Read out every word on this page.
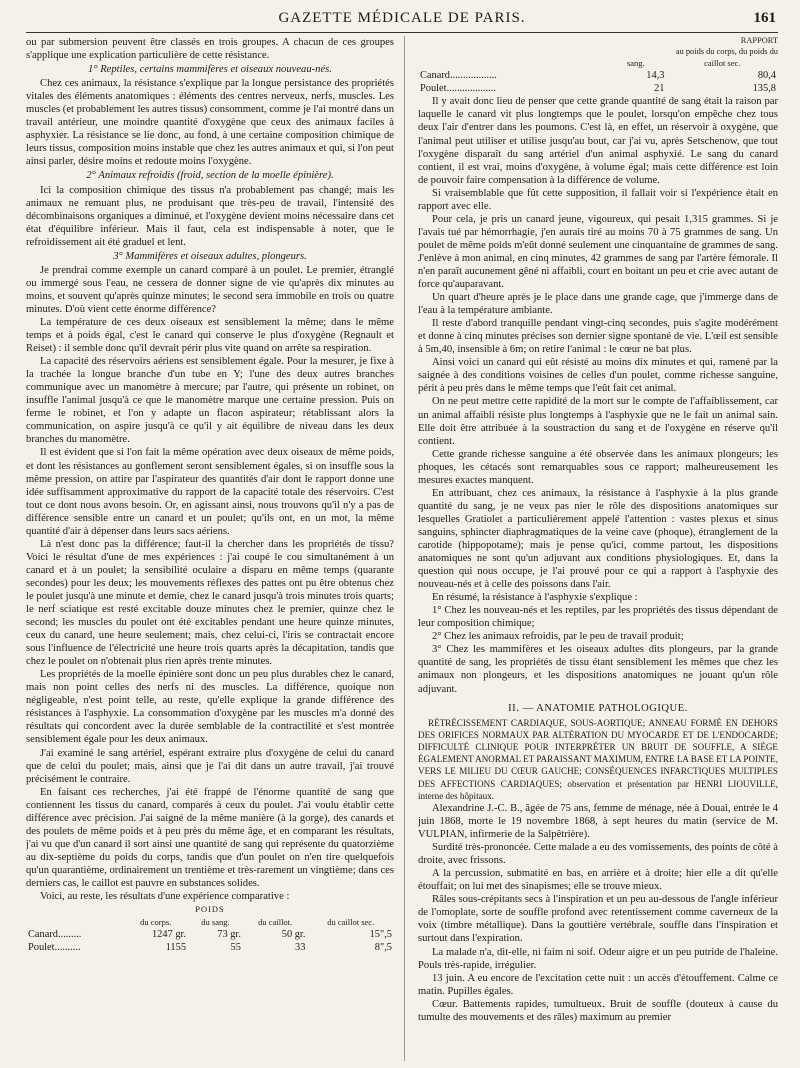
GAZETTE MÉDICALE DE PARIS.	161

ou par submersion peuvent être classés en trois groupes. A chacun de ces groupes s'applique une explication particulière de cette résistance.

1° Reptiles, certains mammifères et oiseaux nouveau-nés.

Chez ces animaux, la résistance s'explique par la longue persistance des propriétés vitales des éléments anatomiques : éléments des centres nerveux, nerfs, muscles. Les muscles (et probablement les autres tissus) consomment, comme je l'ai montré dans un travail antérieur, une moindre quantité d'oxygène que ceux des animaux faciles à asphyxier. La résistance se lie donc, au fond, à une certaine composition chimique de leurs tissus, composition moins instable que chez les autres animaux et qui, si l'on peut ainsi parler, désire moins et redoute moins l'oxygène.

2° Animaux refroidis (froid, section de la moelle épinière).

Ici la composition chimique des tissus n'a probablement pas changé; mais les animaux ne remuant plus, ne produisant que très-peu de travail, l'intensité des décombinaisons organiques a diminué, et l'oxygène devient moins nécessaire dans cet état d'équilibre inférieur. Mais il faut, cela est indispensable à noter, que le refroidissement ait été graduel et lent.

3° Mammifères et oiseaux adultes, plongeurs.

Je prendrai comme exemple un canard comparé à un poulet. Le premier, étranglé ou immergé sous l'eau, ne cessera de donner signe de vie qu'après dix minutes au moins, et souvent qu'après quinze minutes; le second sera immobile en trois ou quatre minutes. D'où vient cette énorme différence?

La température de ces deux oiseaux est sensiblement la même; dans le même temps et à poids égal, c'est le canard qui conserve le plus d'oxygène (Regnault et Reiset) : il semble donc qu'il devrait périr plus vite quand on arrête sa respiration.

La capacité des réservoirs aériens est sensiblement égale. Pour la mesurer, je fixe à la trachée la longue branche d'un tube en Y; l'une des deux autres branches communique avec un manomètre à mercure; par l'autre, qui présente un robinet, on insuffle l'animal jusqu'à ce que le manomètre marque une certaine pression. Puis on ferme le robinet, et l'on y adapte un flacon aspirateur; rétablissant alors la communication, on aspire jusqu'à ce qu'il y ait équilibre de niveau dans les deux branches du manomètre.

Il est évident que si l'on fait la même opération avec deux oiseaux de même poids, et dont les résistances au gonflement seront sensiblement égales, si on insuffle sous la même pression, on attire par l'aspirateur des quantités d'air dont le rapport donne une idée suffisamment approximative du rapport de la capacité totale des réservoirs. C'est tout ce dont nous avons besoin. Or, en agissant ainsi, nous trouvons qu'il n'y a pas de différence sensible entre un canard et un poulet; qu'ils ont, en un mot, la même quantité d'air à dépenser dans leurs sacs aériens.

Là n'est donc pas la différence; faut-il la chercher dans les propriétés de tissu? Voici le résultat d'une de mes expériences : j'ai coupé le cou simultanément à un canard et à un poulet; la sensibilité oculaire a disparu en même temps (quarante secondes) pour les deux; les mouvements réflexes des pattes ont pu être obtenus chez le poulet jusqu'à une minute et demie, chez le canard jusqu'à trois minutes trois quarts; le nerf sciatique est resté excitable douze minutes chez le premier, quinze chez le second; les muscles du poulet ont été excitables pendant une heure quinze minutes, ceux du canard, une heure seulement; mais, chez celui-ci, l'iris se contractait encore sous l'influence de l'électricité une heure trois quarts après la décapitation, tandis que chez le poulet on n'obtenait plus rien après trente minutes.

Les propriétés de la moelle épinière sont donc un peu plus durables chez le canard, mais non point celles des nerfs ni des muscles. La différence, quoique non négligeable, n'est point telle, au reste, qu'elle explique la grande différence des résistances à l'asphyxie. La consommation d'oxygène par les muscles m'a donné des résultats qui concordent avec la durée semblable de la contractilité et s'est montrée sensiblement égale pour les deux animaux.

J'ai examiné le sang artériel, espérant extraire plus d'oxygène de celui du canard que de celui du poulet; mais, ainsi que je l'ai dit dans un autre travail, j'ai trouvé précisément le contraire.

En faisant ces recherches, j'ai été frappé de l'énorme quantité de sang que contiennent les tissus du canard, comparés à ceux du poulet. J'ai voulu établir cette différence avec précision. J'ai saigné de la même manière (à la gorge), des canards et des poulets de même poids et à peu près du même âge, et en comparant les résultats, j'ai vu que d'un canard il sort ainsi une quantité de sang qui représente du quatorzième au dix-septième du poids du corps, tandis que d'un poulet on n'en tire quelquefois qu'un quarantième, ordinairement un trentième et très-rarement un vingtième; dans ces derniers cas, le caillot est pauvre en substances solides.

Voici, au reste, les résultats d'une expérience comparative :

POIDS
	du corps.	du sang.	du caillot.	du caillot sec.
Canard.........	1247 gr.	73 gr.	50 gr.	15",5
Poulet..........	1155	55	33	8",5
RAPPORT
au poids du corps, du poids du
	sang.	caillot sec.
Canard..................	14,3	80,4
Poulet...................	21	135,8

Il y avait donc lieu de penser que cette grande quantité de sang était la raison par laquelle le canard vit plus longtemps que le poulet, lorsqu'on empêche chez tous deux l'air d'entrer dans les poumons. C'est là, en effet, un réservoir à oxygène, que l'animal peut utiliser et utilise jusqu'au bout, car j'ai vu, après Setschenow, que tout l'oxygène disparaît du sang artériel d'un animal asphyxié. Le sang du canard contient, il est vrai, moins d'oxygène, à volume égal; mais cette différence est loin de pouvoir faire compensation à la différence de volume.

Si vraisemblable que fût cette supposition, il fallait voir si l'expérience était en rapport avec elle.

Pour cela, je pris un canard jeune, vigoureux, qui pesait 1,315 grammes. Si je l'avais tué par hémorrhagie, j'en aurais tiré au moins 70 à 75 grammes de sang. Un poulet de même poids m'eût donné seulement une cinquantaine de grammes de sang. J'enlève à mon animal, en cinq minutes, 42 grammes de sang par l'artère fémorale. Il n'en paraît aucunement gêné ni affaibli, court en boitant un peu et crie avec autant de force qu'auparavant.

Un quart d'heure après je le place dans une grande cage, que j'immerge dans de l'eau à la température ambiante.

Il reste d'abord tranquille pendant vingt-cinq secondes, puis s'agite modérément et donne à cinq minutes précises son dernier signe spontané de vie. L'œil est sensible à 5m,40, insensible à 6m; on retire l'animal : le cœur ne bat plus.

Ainsi voici un canard qui eût résisté au moins dix minutes et qui, ramené par la saignée à des conditions voisines de celles d'un poulet, comme richesse sanguine, périt à peu près dans le même temps que l'eût fait cet animal.

On ne peut mettre cette rapidité de la mort sur le compte de l'affaiblissement, car un animal affaibli résiste plus longtemps à l'asphyxie que ne le fait un animal sain. Elle doit être attribuée à la soustraction du sang et de l'oxygène en réserve qu'il contient.

Cette grande richesse sanguine a été observée dans les animaux plongeurs; les phoques, les cétacés sont remarquables sous ce rapport; malheureusement les mesures exactes manquent.

En attribuant, chez ces animaux, la résistance à l'asphyxie à la plus grande quantité du sang, je ne veux pas nier le rôle des dispositions anatomiques sur lesquelles Gratiolet a particulièrement appelé l'attention : vastes plexus et sinus sanguins, sphincter diaphragmatiques de la veine cave (phoque), étranglement de la carotide (hippopotame); mais je pense qu'ici, comme partout, les dispositions anatomiques ne sont qu'un adjuvant aux conditions physiologiques. Et, dans la question qui nous occupe, je l'ai prouvé pour ce qui a rapport à l'asphyxie des nouveau-nés et à celle des poissons dans l'air.

En résumé, la résistance à l'asphyxie s'explique :

1° Chez les nouveau-nés et les reptiles, par les propriétés des tissus dépendant de leur composition chimique;

2° Chez les animaux refroidis, par le peu de travail produit;

3° Chez les mammifères et les oiseaux adultes dits plongeurs, par la grande quantité de sang, les propriétés de tissu étant sensiblement les mêmes que chez les animaux non plongeurs, et les dispositions anatomiques ne jouant qu'un rôle adjuvant.

II. — ANATOMIE PATHOLOGIQUE.

RÉTRÉCISSEMENT CARDIAQUE, SOUS-AORTIQUE; ANNEAU FORMÉ EN DEHORS DES ORIFICES NORMAUX PAR ALTÉRATION DU MYOCARDE ET DE L'ENDOCARDE; DIFFICULTÉ CLINIQUE POUR INTERPRÉTER UN BRUIT DE SOUFFLE, A SIÉGE ÉGALEMENT ANORMAL ET PARAISSANT MAXIMUM, ENTRE LA BASE ET LA POINTE, VERS LE MILIEU DU CŒUR GAUCHE; CONSÉQUENCES INFARCTIQUES MULTIPLES DES AFFECTIONS CARDIAQUES; observation et présentation par HENRI LIOUVILLE, interne des hôpitaux.

Alexandrine J.-C. B., âgée de 75 ans, femme de ménage, née à Douai, entrée le 4 juin 1868, morte le 19 novembre 1868, à sept heures du matin (service de M. VULPIAN, infirmerie de la Salpêtrière).

Surdité très-prononcée. Cette malade a eu des vomissements, des points de côté à droite, avec frissons.

A la percussion, submatité en bas, en arrière et à droite; hier elle a dit qu'elle étouffait; on lui met des sinapismes; elle se trouve mieux.

Râles sous-crépitants secs à l'inspiration et un peu au-dessous de l'angle inférieur de l'omoplate, sorte de souffle profond avec retentissement comme caverneux de la voix (timbre métallique). Dans la gouttière vertébrale, souffle dans l'inspiration et surtout dans l'expiration.

La malade n'a, dit-elle, ni faim ni soif. Odeur aigre et un peu putride de l'haleine. Pouls très-rapide, irrégulier.

13 juin. A eu encore de l'excitation cette nuit : un accès d'étouffement. Calme ce matin. Pupilles égales.

Cœur. Battements rapides, tumultueux. Bruit de souffle (douteux à cause du tumulte des mouvements et des râles) maximum au premier
